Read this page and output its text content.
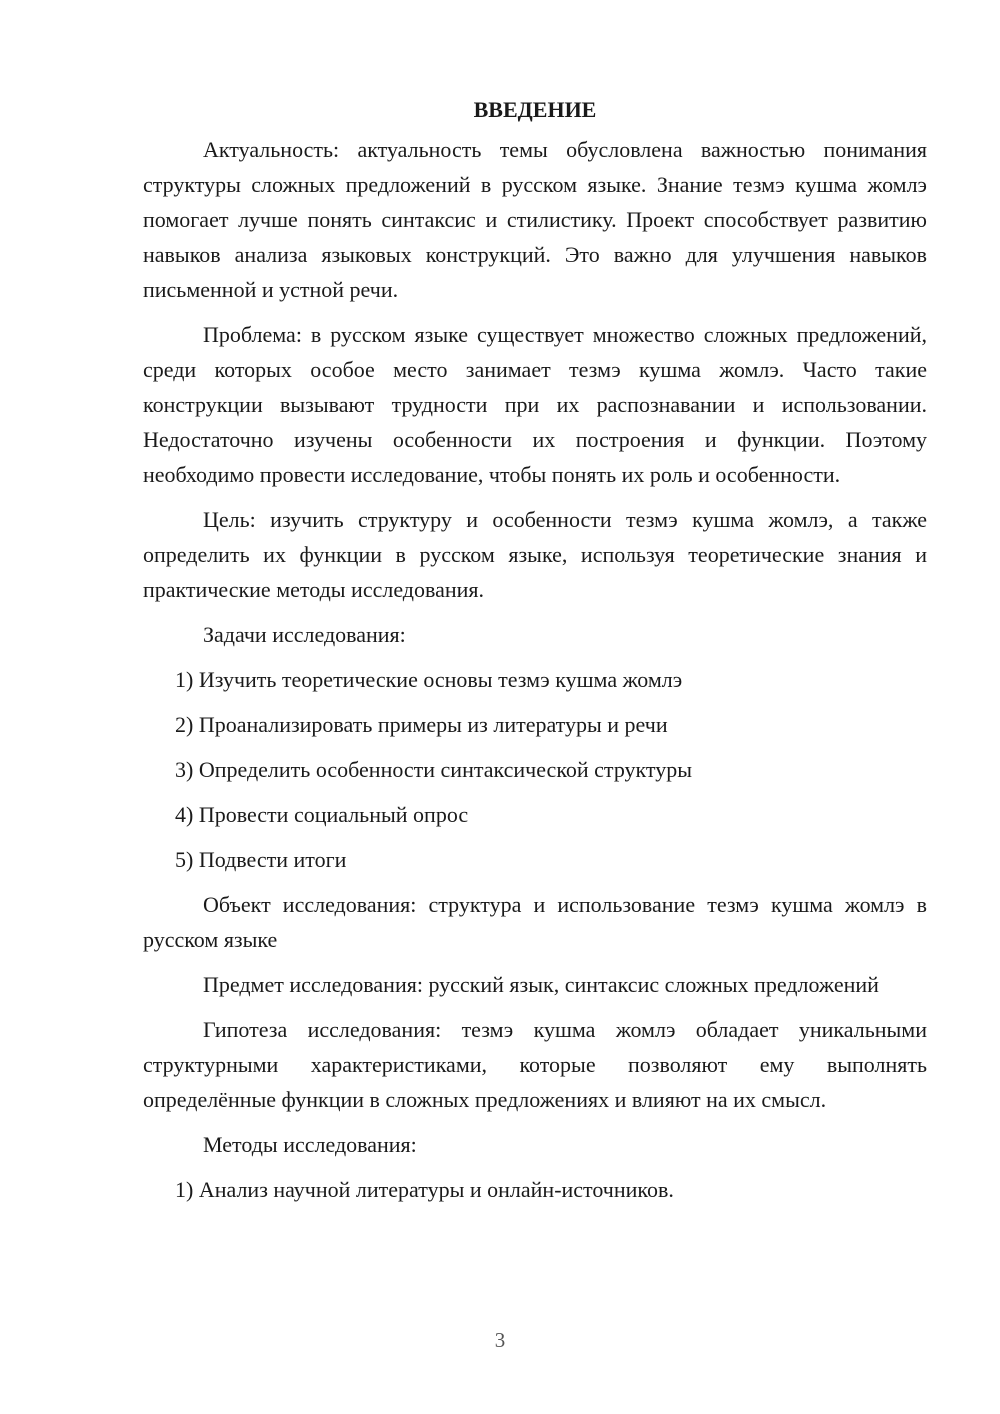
ВВЕДЕНИЕ

Актуальность: актуальность темы обусловлена важностью понимания структуры сложных предложений в русском языке. Знание тезмэ кушма жомлэ помогает лучше понять синтаксис и стилистику. Проект способствует развитию навыков анализа языковых конструкций. Это важно для улучшения навыков письменной и устной речи.

Проблема: в русском языке существует множество сложных предложений, среди которых особое место занимает тезмэ кушма жомлэ. Часто такие конструкции вызывают трудности при их распознавании и использовании. Недостаточно изучены особенности их построения и функции. Поэтому необходимо провести исследование, чтобы понять их роль и особенности.

Цель: изучить структуру и особенности тезмэ кушма жомлэ, а также определить их функции в русском языке, используя теоретические знания и практические методы исследования.

Задачи исследования:

1) Изучить теоретические основы тезмэ кушма жомлэ

2) Проанализировать примеры из литературы и речи

3) Определить особенности синтаксической структуры

4) Провести социальный опрос

5) Подвести итоги

Объект исследования: структура и использование тезмэ кушма жомлэ в русском языке

Предмет исследования: русский язык, синтаксис сложных предложений

Гипотеза исследования: тезмэ кушма жомлэ обладает уникальными структурными характеристиками, которые позволяют ему выполнять определённые функции в сложных предложениях и влияют на их смысл.

Методы исследования:

1) Анализ научной литературы и онлайн-источников.

3
